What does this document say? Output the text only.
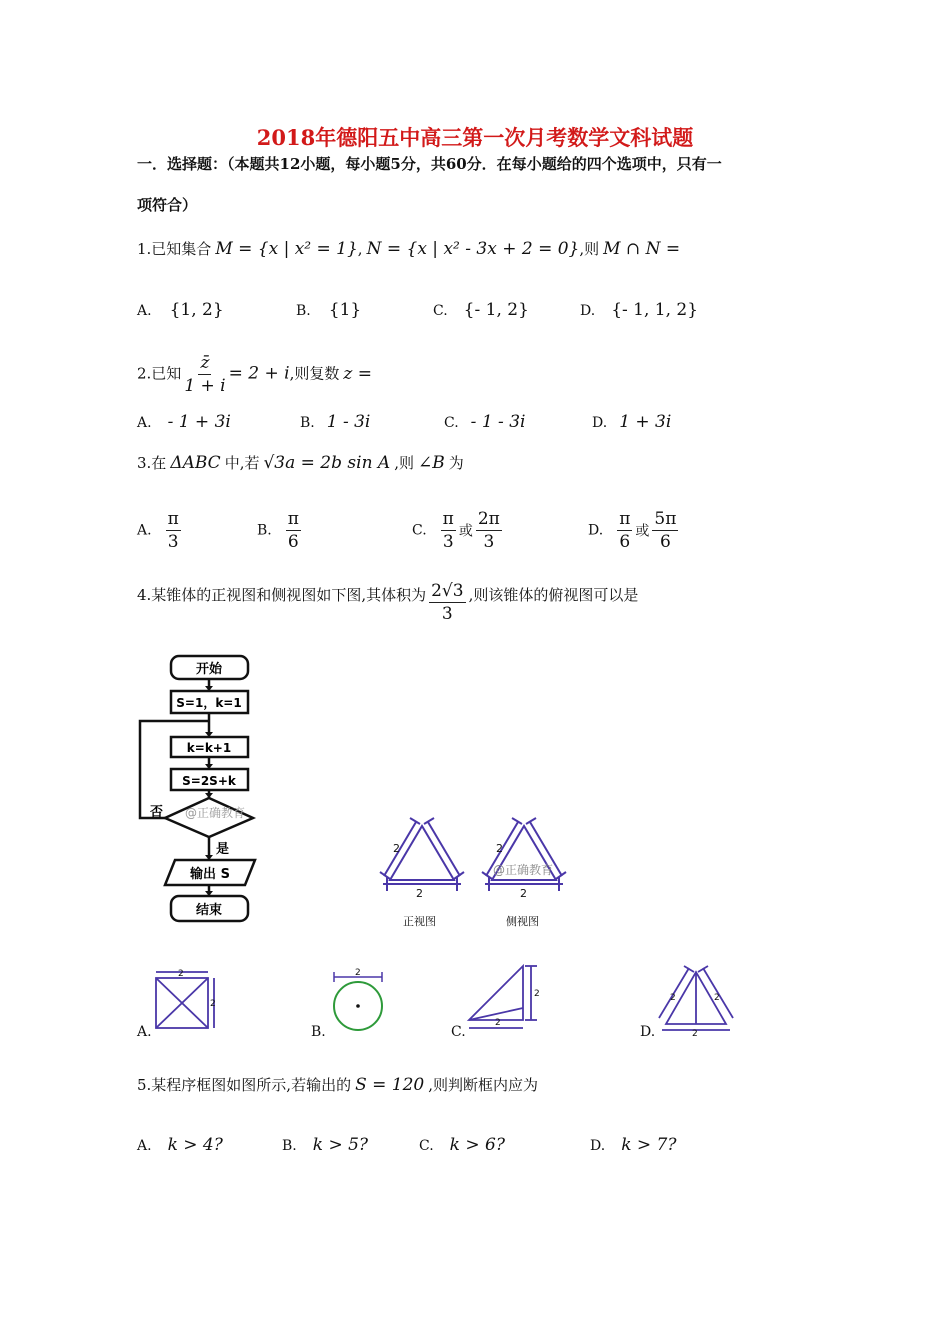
2018年德阳五中高三第一次月考数学文科试题
一．选择题：（本题共12小题，每小题5分，共60分．在每小题给的四个选项中，只有一
项符合）
1.已知集合 M = {x | x² = 1}, N = {x | x² - 3x + 2 = 0},则 M ∩ N =
A. {1, 2}	B. {1}	C. {- 1, 2}	D. {- 1, 1, 2}
2.已知 $\frac{z̄}{1 + i} = 2 + i$,则复数 z =
A. - 1 + 3i	B. 1 - 3i	C. - 1 - 3i	D. 1 + 3i
3.在 ΔABC 中,若 √3a = 2b sin A ,则 ∠B 为
A. $\frac{\pi}{3}$	B. $\frac{\pi}{6}$	C. $\frac{\pi}{3}$ 或 $\frac{2\pi}{3}$	D. $\frac{\pi}{6}$ 或 $\frac{5\pi}{6}$
4.某锥体的正视图和侧视图如下图,其体积为 $\frac{2√3}{3}$ ,则该锥体的俯视图可以是
开始
S=1，k=1
k=k+1
S=2S+k
否
是
输出 S
结束
@正确教育
2
2
2
2
@正确教育
正视图	侧视图
A.
2
2
B.
2
C.
2
2
D.
2	2
2
5.某程序框图如图所示,若输出的 S = 120 ,则判断框内应为
A. k > 4?	B. k > 5?	C. k > 6?	D. k > 7?
